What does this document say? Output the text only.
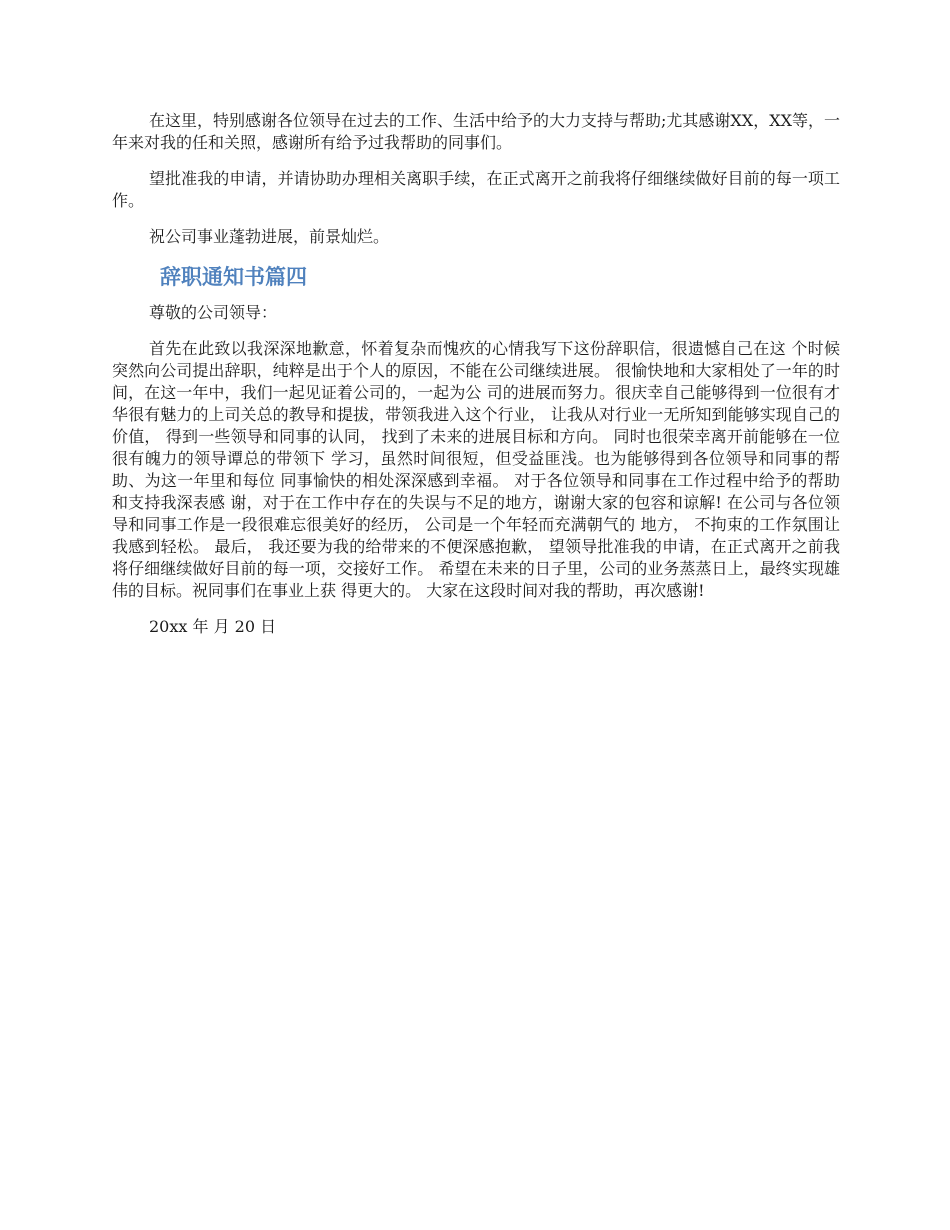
在这里，特别感谢各位领导在过去的工作、生活中给予的大力支持与帮助;尤其感谢XX，XX等，一年来对我的任和关照，感谢所有给予过我帮助的同事们。

望批准我的申请，并请协助办理相关离职手续，在正式离开之前我将仔细继续做好目前的每一项工作。

祝公司事业蓬勃进展，前景灿烂。

辞职通知书篇四

尊敬的公司领导：

首先在此致以我深深地歉意，怀着复杂而愧疚的心情我写下这份辞职信，很遗憾自己在这 个时候突然向公司提出辞职，纯粹是出于个人的原因，不能在公司继续进展。 很愉快地和大家相处了一年的时间，在这一年中，我们一起见证着公司的，一起为公 司的进展而努力。很庆幸自己能够得到一位很有才华很有魅力的上司关总的教导和提拔，带领我进入这个行业， 让我从对行业一无所知到能够实现自己的价值， 得到一些领导和同事的认同， 找到了未来的进展目标和方向。 同时也很荣幸离开前能够在一位很有魄力的领导谭总的带领下 学习，虽然时间很短，但受益匪浅。也为能够得到各位领导和同事的帮助、为这一年里和每位 同事愉快的相处深深感到幸福。 对于各位领导和同事在工作过程中给予的帮助和支持我深表感 谢，对于在工作中存在的失误与不足的地方，谢谢大家的包容和谅解! 在公司与各位领导和同事工作是一段很难忘很美好的经历， 公司是一个年轻而充满朝气的 地方， 不拘束的工作氛围让我感到轻松。 最后， 我还要为我的给带来的不便深感抱歉， 望领导批准我的申请，在正式离开之前我将仔细继续做好目前的每一项，交接好工作。 希望在未来的日子里，公司的业务蒸蒸日上，最终实现雄伟的目标。祝同事们在事业上获 得更大的。 大家在这段时间对我的帮助，再次感谢!

20xx 年 月 20 日
